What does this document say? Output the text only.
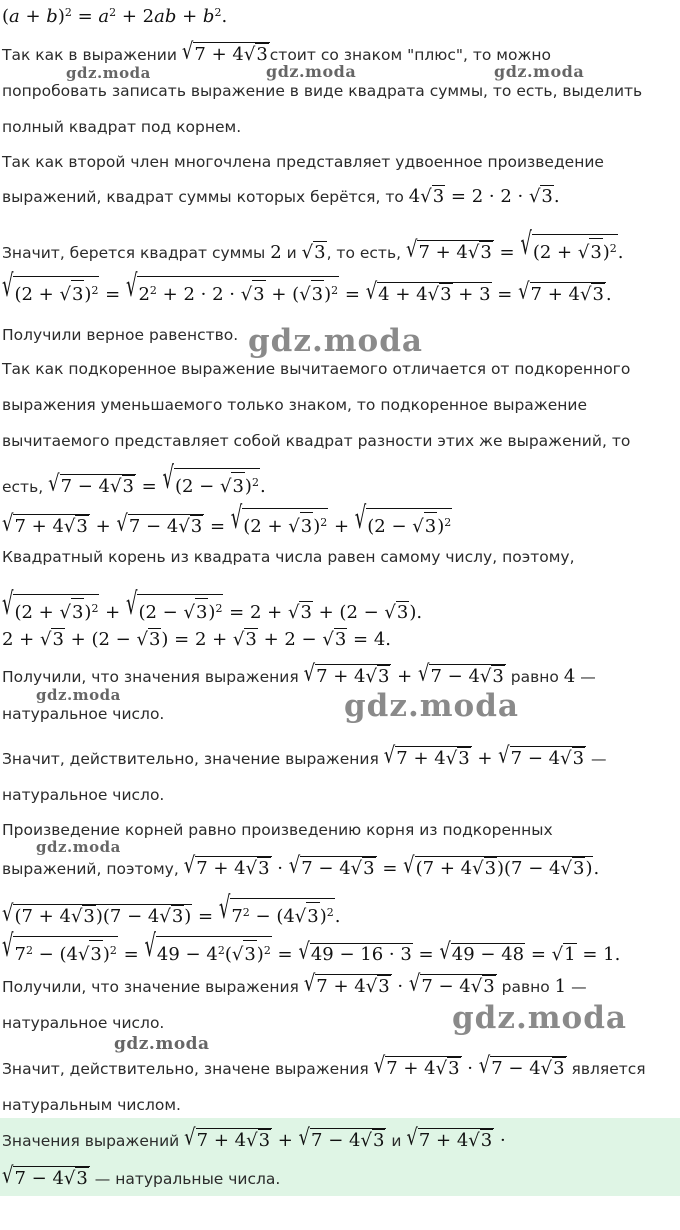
gdz.moda	gdz.moda	gdz.moda
gdz.moda
gdz.moda	gdz.moda
gdz.moda
gdz.moda
gdz.moda
$(a + b)^2 = a^2 + 2ab + b^2$.
Так как в выражении √7 + 4√3 стоит со знаком "плюс", то можно
попробовать записать выражение в виде квадрата суммы, то есть, выделить
полный квадрат под корнем.
Так как второй член многочлена представляет удвоенное произведение
выражений, квадрат суммы которых берётся, то 4√3 = 2 · 2 · √3.
Значит, берется квадрат суммы 2 и √3, то есть, $√7 + 4√3 = √(2 + √3)^2$.
$√(2 + √3)^2 = √2^2 + 2 \cdot 2 \cdot √3 + (√3)^2 = √4 + 4√3 + 3 = √7 + 4√3$ .
Получили верное равенство.
Так как подкоренное выражение вычитаемого отличается от подкоренного
выражения уменьшаемого только знаком, то подкоренное выражение
вычитаемого представляет собой квадрат разности этих же выражений, то
есть, $√7 - 4√3 = √(2 - √3)^2$.
$√7 + 4√3 + √7 - 4√3 = √(2 + √3)^2 + √(2 - √3)^2$
Квадратный корень из квадрата числа равен самому числу, поэтому,
$√(2 + √3)^2 + √(2 - √3)^2 = 2 + √3 + (2 - √3)$.
2 + √3 + (2 − √3) = 2 + √3 + 2 − √3 = 4.
Получили, что значения выражения √7 + 4√3 + √7 − 4√3 равно 4 —
натуральное число.
Значит, действительно, значение выражения √7 + 4√3 + √7 − 4√3 —
натуральное число.
Произведение корней равно произведению корня из подкоренных
выражений, поэтому, √7 + 4√3 · √7 − 4√3 = √(7 + 4√3)(7 − 4√3).
$√(7 + 4√3)(7 - 4√3) = √7^2 - (4√3)^2$.
$√7^2 - (4√3)^2 = √49 - 4^2(√3)^2 = √49 - 16 \cdot 3 = √49 - 48 = √1 = 1$.
Получили, что значение выражения √7 + 4√3 · √7 − 4√3 равно 1 —
натуральное число.
Значит, действительно, значене выражения √7 + 4√3 · √7 − 4√3 является
натуральным числом.
Значения выражений √7 + 4√3 + √7 − 4√3 и √7 + 4√3 ·
√7 − 4√3 — натуральные числа.
